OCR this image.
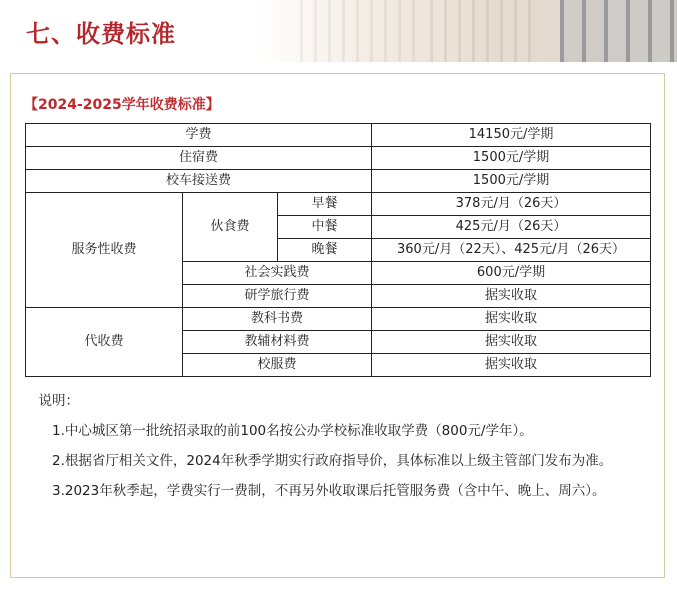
七、收费标准
【2024-2025学年收费标准】
学费			14150元/学期
住宿费			1500元/学期
校车接送费			1500元/学期
服务性收费	伙食费	早餐	378元/月（26天）
		中餐	425元/月（26天）
		晚餐	360元/月（22天）、425元/月（26天）
	社会实践费		600元/学期
	研学旅行费		据实收取
代收费	教科书费		据实收取
	教辅材料费		据实收取
	校服费		据实收取

说明：

1.中心城区第一批统招录取的前100名按公办学校标准收取学费（800元/学年）。

2.根据省厅相关文件，2024年秋季学期实行政府指导价，具体标准以上级主管部门发布为准。

3.2023年秋季起，学费实行一费制，不再另外收取课后托管服务费（含中午、晚上、周六）。
